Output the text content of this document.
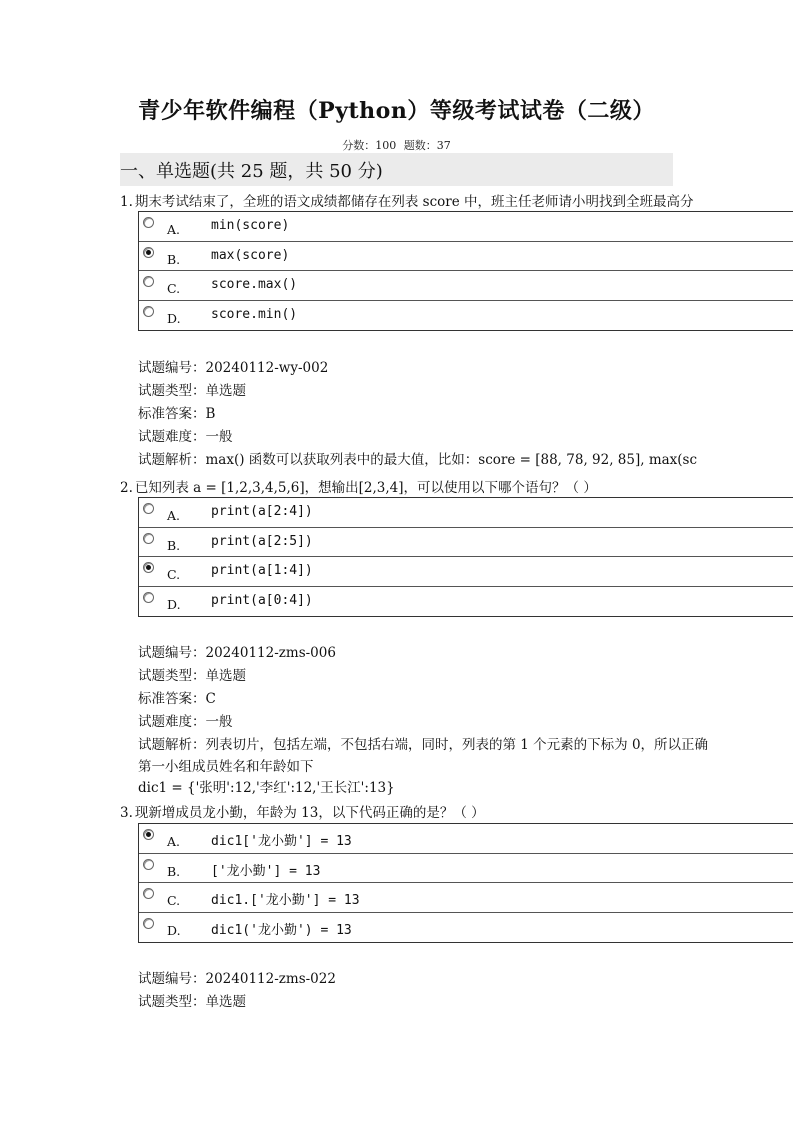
青少年软件编程（Python）等级考试试卷（二级）
分数：100 题数：37
一、单选题(共 25 题，共 50 分)
1. 期末考试结束了，全班的语文成绩都储存在列表 score 中，班主任老师请小明找到全班最高分
A. min(score)
B. max(score)
C. score.max()
D. score.min()
试题编号：20240112-wy-002
试题类型：单选题
标准答案：B
试题难度：一般
试题解析：max() 函数可以获取列表中的最大值，比如：score = [88, 78, 92, 85], max(sc
2. 已知列表 a = [1,2,3,4,5,6]，想输出[2,3,4]，可以使用以下哪个语句？（ ）
A. print(a[2:4])
B. print(a[2:5])
C. print(a[1:4])
D. print(a[0:4])
试题编号：20240112-zms-006
试题类型：单选题
标准答案：C
试题难度：一般
试题解析：列表切片，包括左端，不包括右端，同时，列表的第 1 个元素的下标为 0，所以正确
第一小组成员姓名和年龄如下
dic1 = {'张明':12,'李红':12,'王长江':13}
3. 现新增成员龙小勤，年龄为 13，以下代码正确的是？（ ）
A. dic1['龙小勤'] = 13
B. ['龙小勤'] = 13
C. dic1.['龙小勤'] = 13
D. dic1('龙小勤') = 13
试题编号：20240112-zms-022
试题类型：单选题
